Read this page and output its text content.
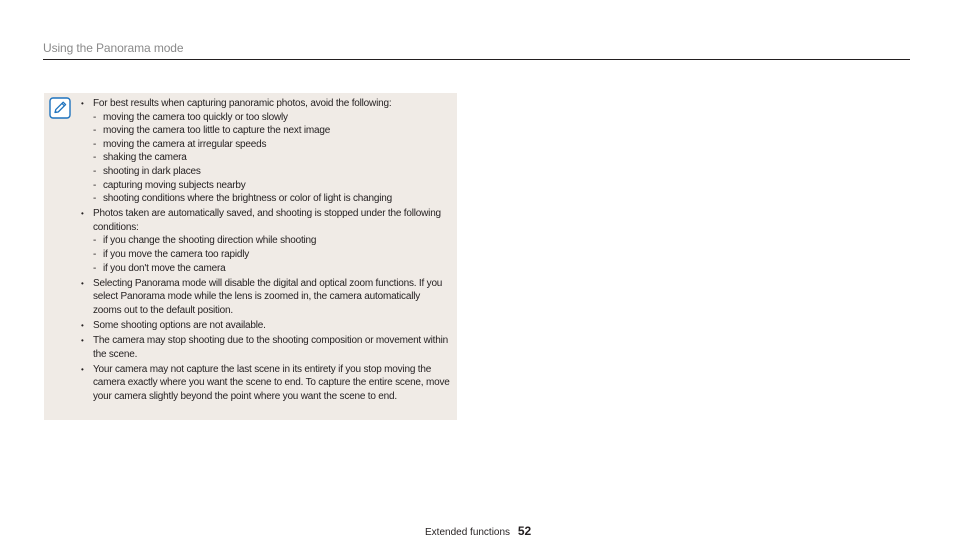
Using the Panorama mode
• For best results when capturing panoramic photos, avoid the following:
- moving the camera too quickly or too slowly
- moving the camera too little to capture the next image
- moving the camera at irregular speeds
- shaking the camera
- shooting in dark places
- capturing moving subjects nearby
- shooting conditions where the brightness or color of light is changing
• Photos taken are automatically saved, and shooting is stopped under the following conditions:
- if you change the shooting direction while shooting
- if you move the camera too rapidly
- if you don't move the camera
• Selecting Panorama mode will disable the digital and optical zoom functions. If you select Panorama mode while the lens is zoomed in, the camera automatically zooms out to the default position.
• Some shooting options are not available.
• The camera may stop shooting due to the shooting composition or movement within the scene.
• Your camera may not capture the last scene in its entirety if you stop moving the camera exactly where you want the scene to end. To capture the entire scene, move your camera slightly beyond the point where you want the scene to end.
Extended functions 52
